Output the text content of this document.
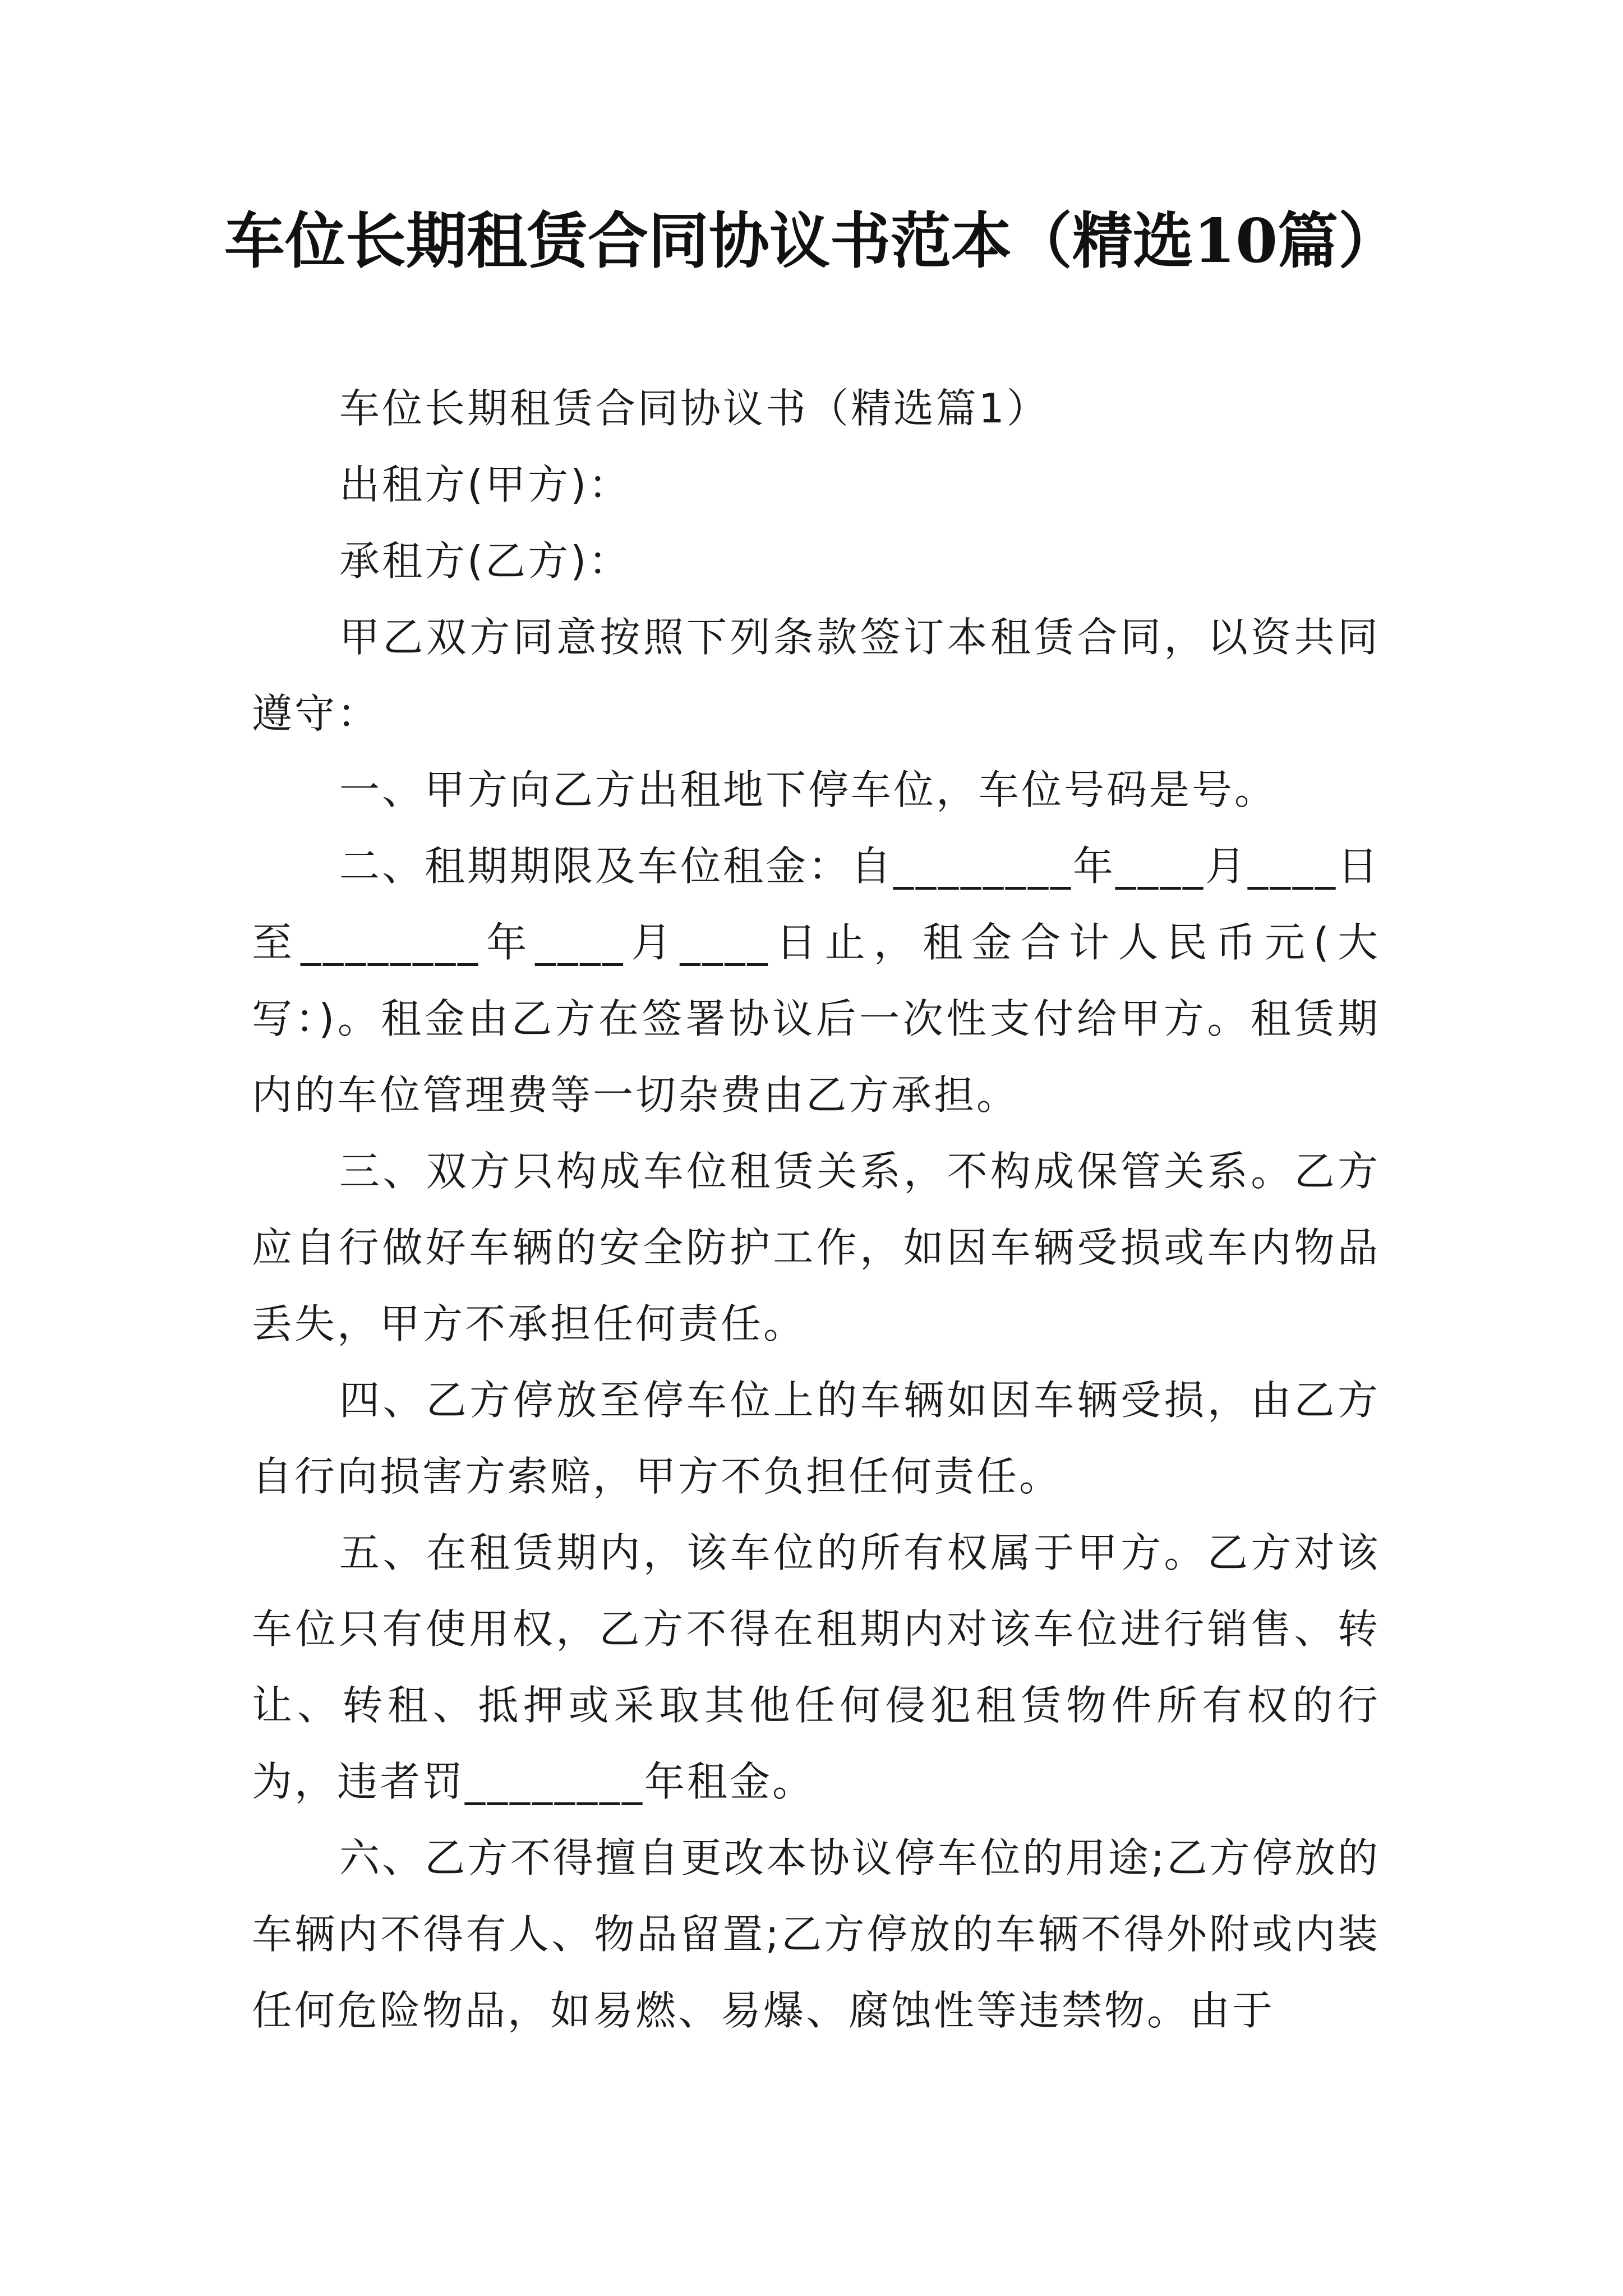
车位长期租赁合同协议书范本（精选10篇）

车位长期租赁合同协议书（精选篇1）

出租方(甲方)：

承租方(乙方)：

甲乙双方同意按照下列条款签订本租赁合同，以资共同遵守：

一、甲方向乙方出租地下停车位，车位号码是号。

二、租期期限及车位租金：自________年____月____日至________年____月____日止，租金合计人民币元(大写：)。租金由乙方在签署协议后一次性支付给甲方。租赁期内的车位管理费等一切杂费由乙方承担。

三、双方只构成车位租赁关系，不构成保管关系。乙方应自行做好车辆的安全防护工作，如因车辆受损或车内物品丢失，甲方不承担任何责任。

四、乙方停放至停车位上的车辆如因车辆受损，由乙方自行向损害方索赔，甲方不负担任何责任。

五、在租赁期内，该车位的所有权属于甲方。乙方对该车位只有使用权，乙方不得在租期内对该车位进行销售、转让、转租、抵押或采取其他任何侵犯租赁物件所有权的行为，违者罚________年租金。

六、乙方不得擅自更改本协议停车位的用途;乙方停放的车辆内不得有人、物品留置;乙方停放的车辆不得外附或内装任何危险物品，如易燃、易爆、腐蚀性等违禁物。由于
